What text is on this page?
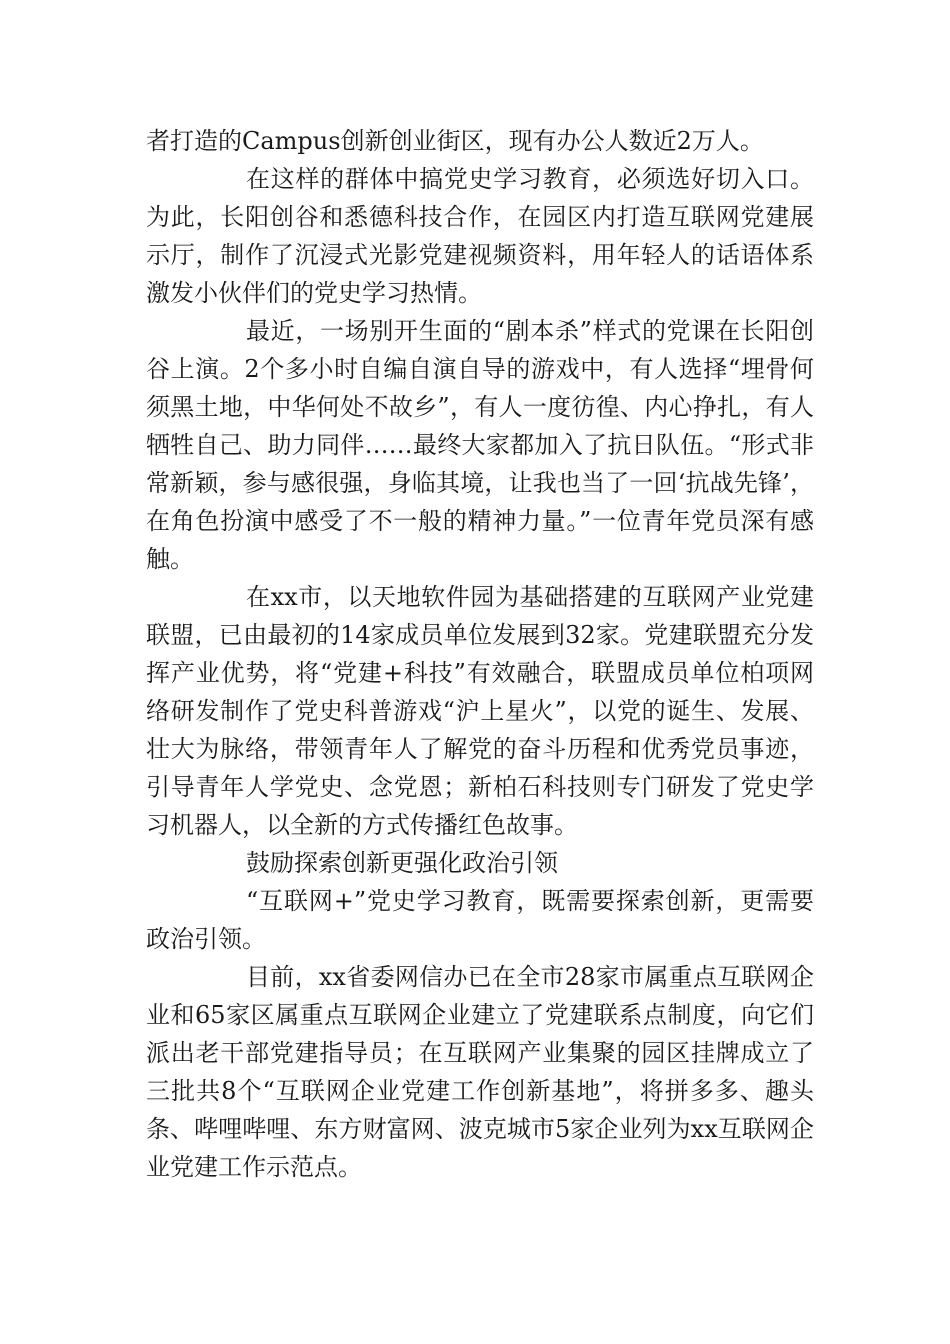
者打造的Campus创新创业街区，现有办公人数近2万人。

在这样的群体中搞党史学习教育，必须选好切入口。为此，长阳创谷和悉德科技合作，在园区内打造互联网党建展示厅，制作了沉浸式光影党建视频资料，用年轻人的话语体系激发小伙伴们的党史学习热情。

最近，一场别开生面的“剧本杀”样式的党课在长阳创谷上演。2个多小时自编自演自导的游戏中，有人选择“埋骨何须黑土地，中华何处不故乡”，有人一度彷徨、内心挣扎，有人牺牲自己、助力同伴……最终大家都加入了抗日队伍。“形式非常新颖，参与感很强，身临其境，让我也当了一回‘抗战先锋’，在角色扮演中感受了不一般的精神力量。”一位青年党员深有感触。

在xx市，以天地软件园为基础搭建的互联网产业党建联盟，已由最初的14家成员单位发展到32家。党建联盟充分发挥产业优势，将“党建+科技”有效融合，联盟成员单位柏项网络研发制作了党史科普游戏“沪上星火”，以党的诞生、发展、壮大为脉络，带领青年人了解党的奋斗历程和优秀党员事迹，引导青年人学党史、念党恩；新柏石科技则专门研发了党史学习机器人，以全新的方式传播红色故事。

鼓励探索创新更强化政治引领

“互联网+”党史学习教育，既需要探索创新，更需要政治引领。

目前，xx省委网信办已在全市28家市属重点互联网企业和65家区属重点互联网企业建立了党建联系点制度，向它们派出老干部党建指导员；在互联网产业集聚的园区挂牌成立了三批共8个“互联网企业党建工作创新基地”，将拼多多、趣头条、哔哩哔哩、东方财富网、波克城市5家企业列为xx互联网企业党建工作示范点。
